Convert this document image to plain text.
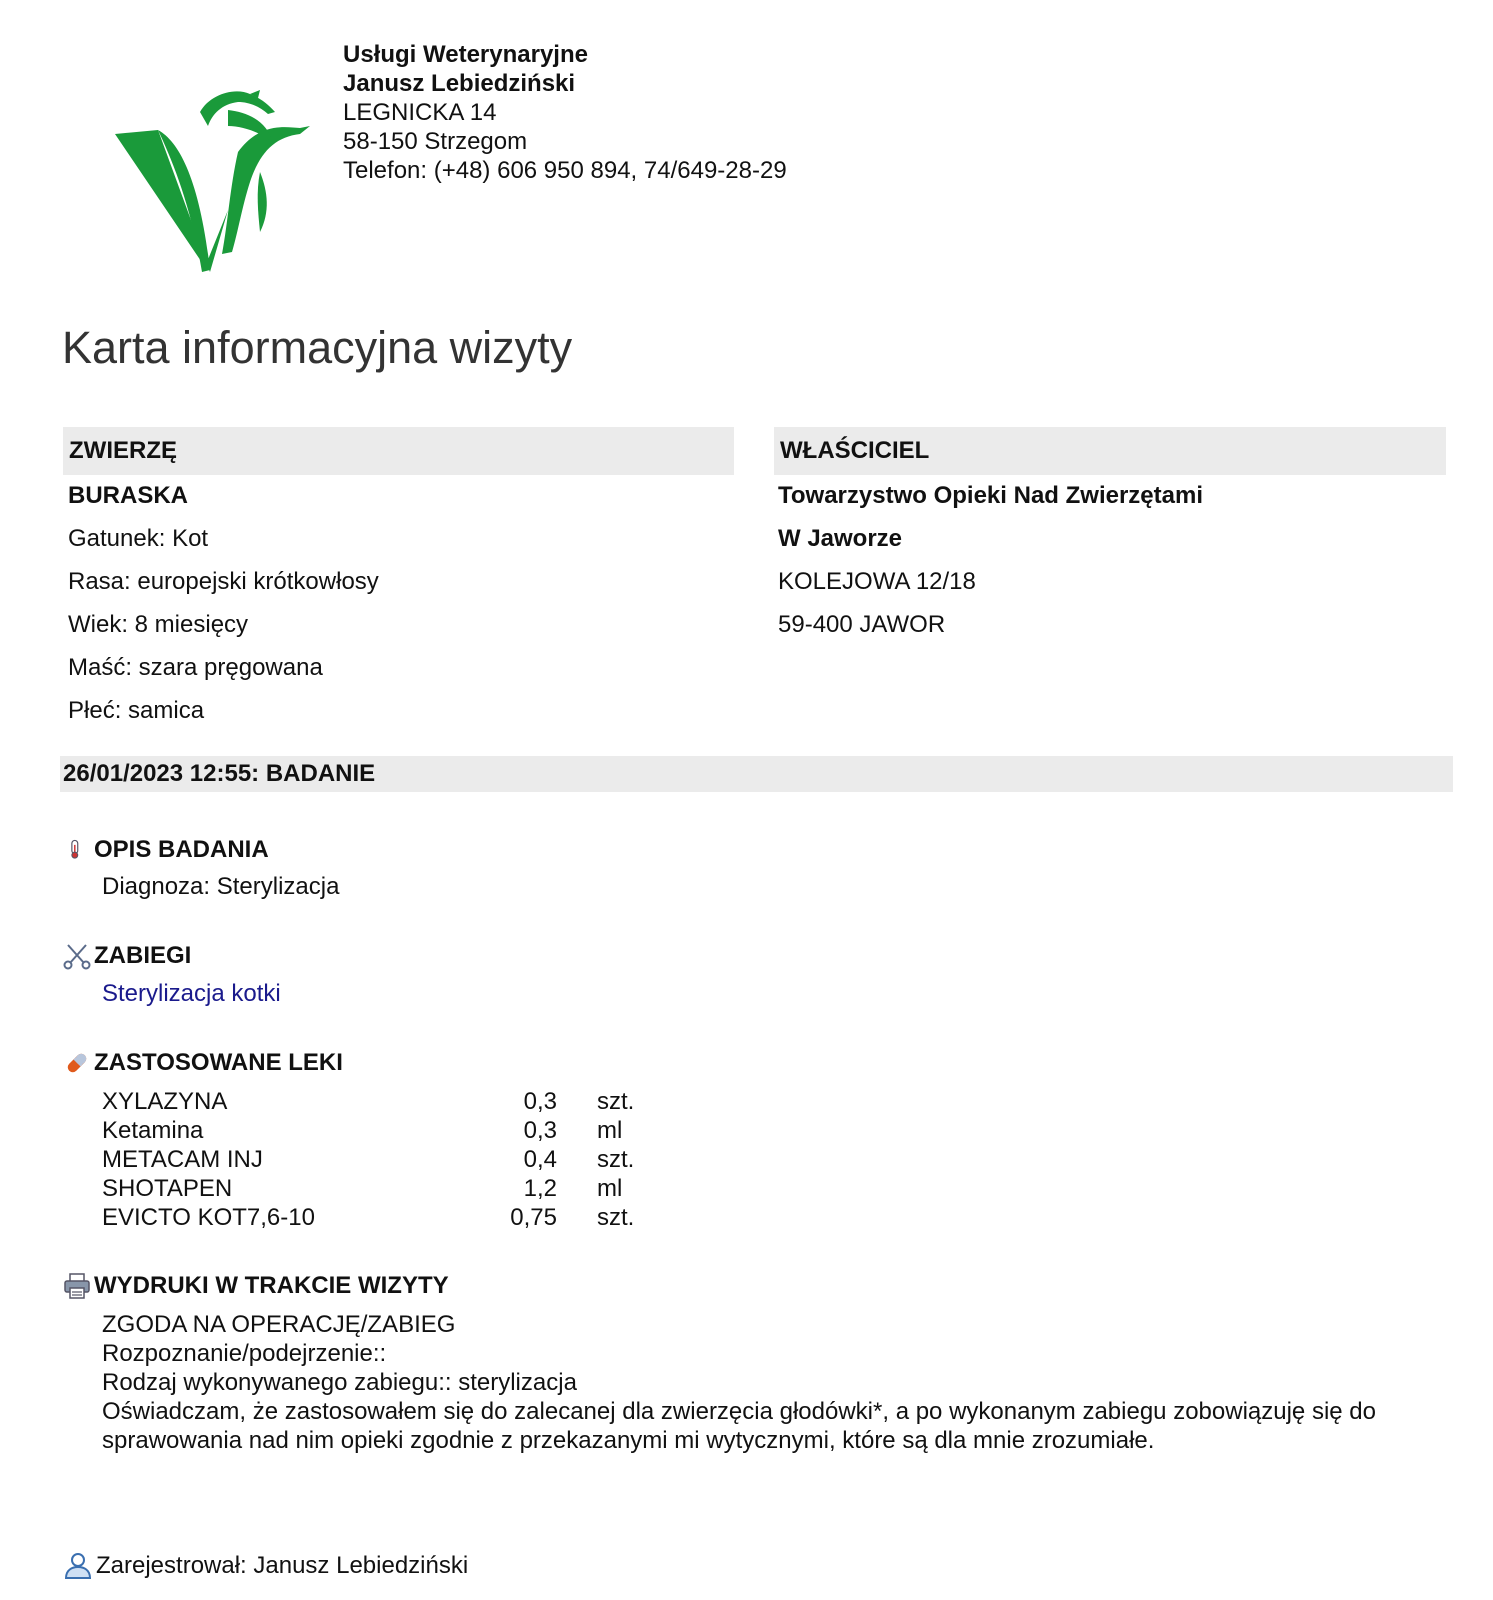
Usługi Weterynaryjne
Janusz Lebiedziński
LEGNICKA 14
58-150 Strzegom
Telefon: (+48) 606 950 894, 74/649-28-29
Karta informacyjna wizyty
ZWIERZĘ
BURASKA
Gatunek: Kot
Rasa: europejski krótkowłosy
Wiek: 8 miesięcy
Maść: szara pręgowana
Płeć: samica
WŁAŚCICIEL
Towarzystwo Opieki Nad Zwierzętami
W Jaworze
KOLEJOWA 12/18
59-400 JAWOR
26/01/2023 12:55: BADANIE
OPIS BADANIA
Diagnoza: Sterylizacja
ZABIEGI
Sterylizacja kotki
ZASTOSOWANE LEKI
XYLAZYNA	0,3	szt.
Ketamina	0,3	ml
METACAM INJ	0,4	szt.
SHOTAPEN	1,2	ml
EVICTO KOT7,6-10	0,75	szt.
WYDRUKI W TRAKCIE WIZYTY
ZGODA NA OPERACJĘ/ZABIEG
Rozpoznanie/podejrzenie::
Rodzaj wykonywanego zabiegu:: sterylizacja
Oświadczam, że zastosowałem się do zalecanej dla zwierzęcia głodówki*, a po wykonanym zabiegu zobowiązuję się do sprawowania nad nim opieki zgodnie z przekazanymi mi wytycznymi, które są dla mnie zrozumiałe.
Zarejestrował: Janusz Lebiedziński
